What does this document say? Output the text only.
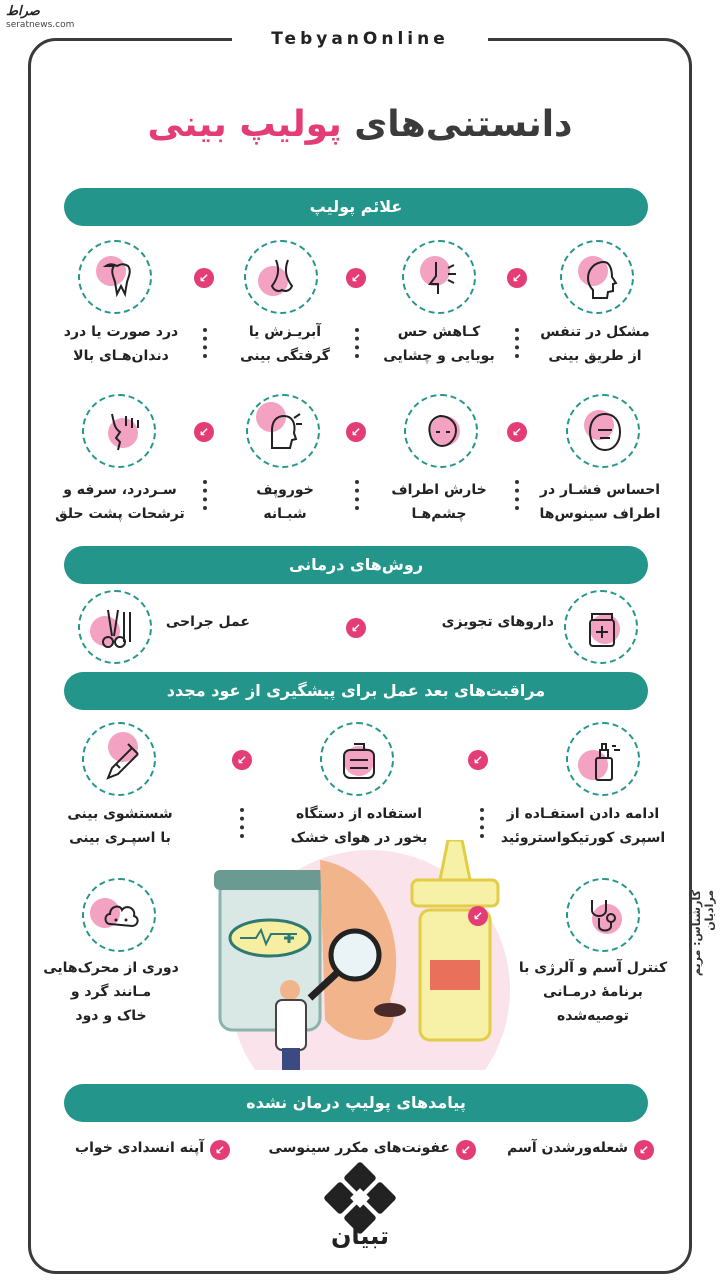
صراط
seratnews.com
TebyanOnline
دانستنی‌های پولیپ بینی
علائم پولیپ
↙
↙
↙
مشکل در تنفس
از طریق بینی
کـاهش حس
بویایی و چشایی
آبریـزش یا
گرفتگی بینی
درد صورت یا درد
دندان‌هـای بالا
↙
↙
↙
احساس فشـار در
اطراف سینوس‌ها
خارش اطراف
چشم‌هـا
خوروپف
شبـانه
سـردرد، سرفه و
ترشحات پشت حلق
روش‌های درمانی
داروهای تجویزی
↙
عمل جراحی
مراقبت‌های بعد عمل برای پیشگیری از عود مجدد
↙
↙
ادامه دادن استفـاده از
اسپری کورتیکواستروئید
استفاده از دستگاه
بخور در هوای خشک
شستشوی بینی
با اسپـری بینی
↙
کنترل آسم و آلرژی با
برنامهٔ درمـانی
توصیه‌شده
دوری از محرک‌هایی
مـانند گرد و
خاک و دود
کارشناس: مریم مرادیان
پیامدهای پولیپ درمان نشده
↙
شعله‌ورشدن آسم
↙
عفونت‌های مکرر سینوسی
↙
آپنه انسدادی خواب
تبیان
